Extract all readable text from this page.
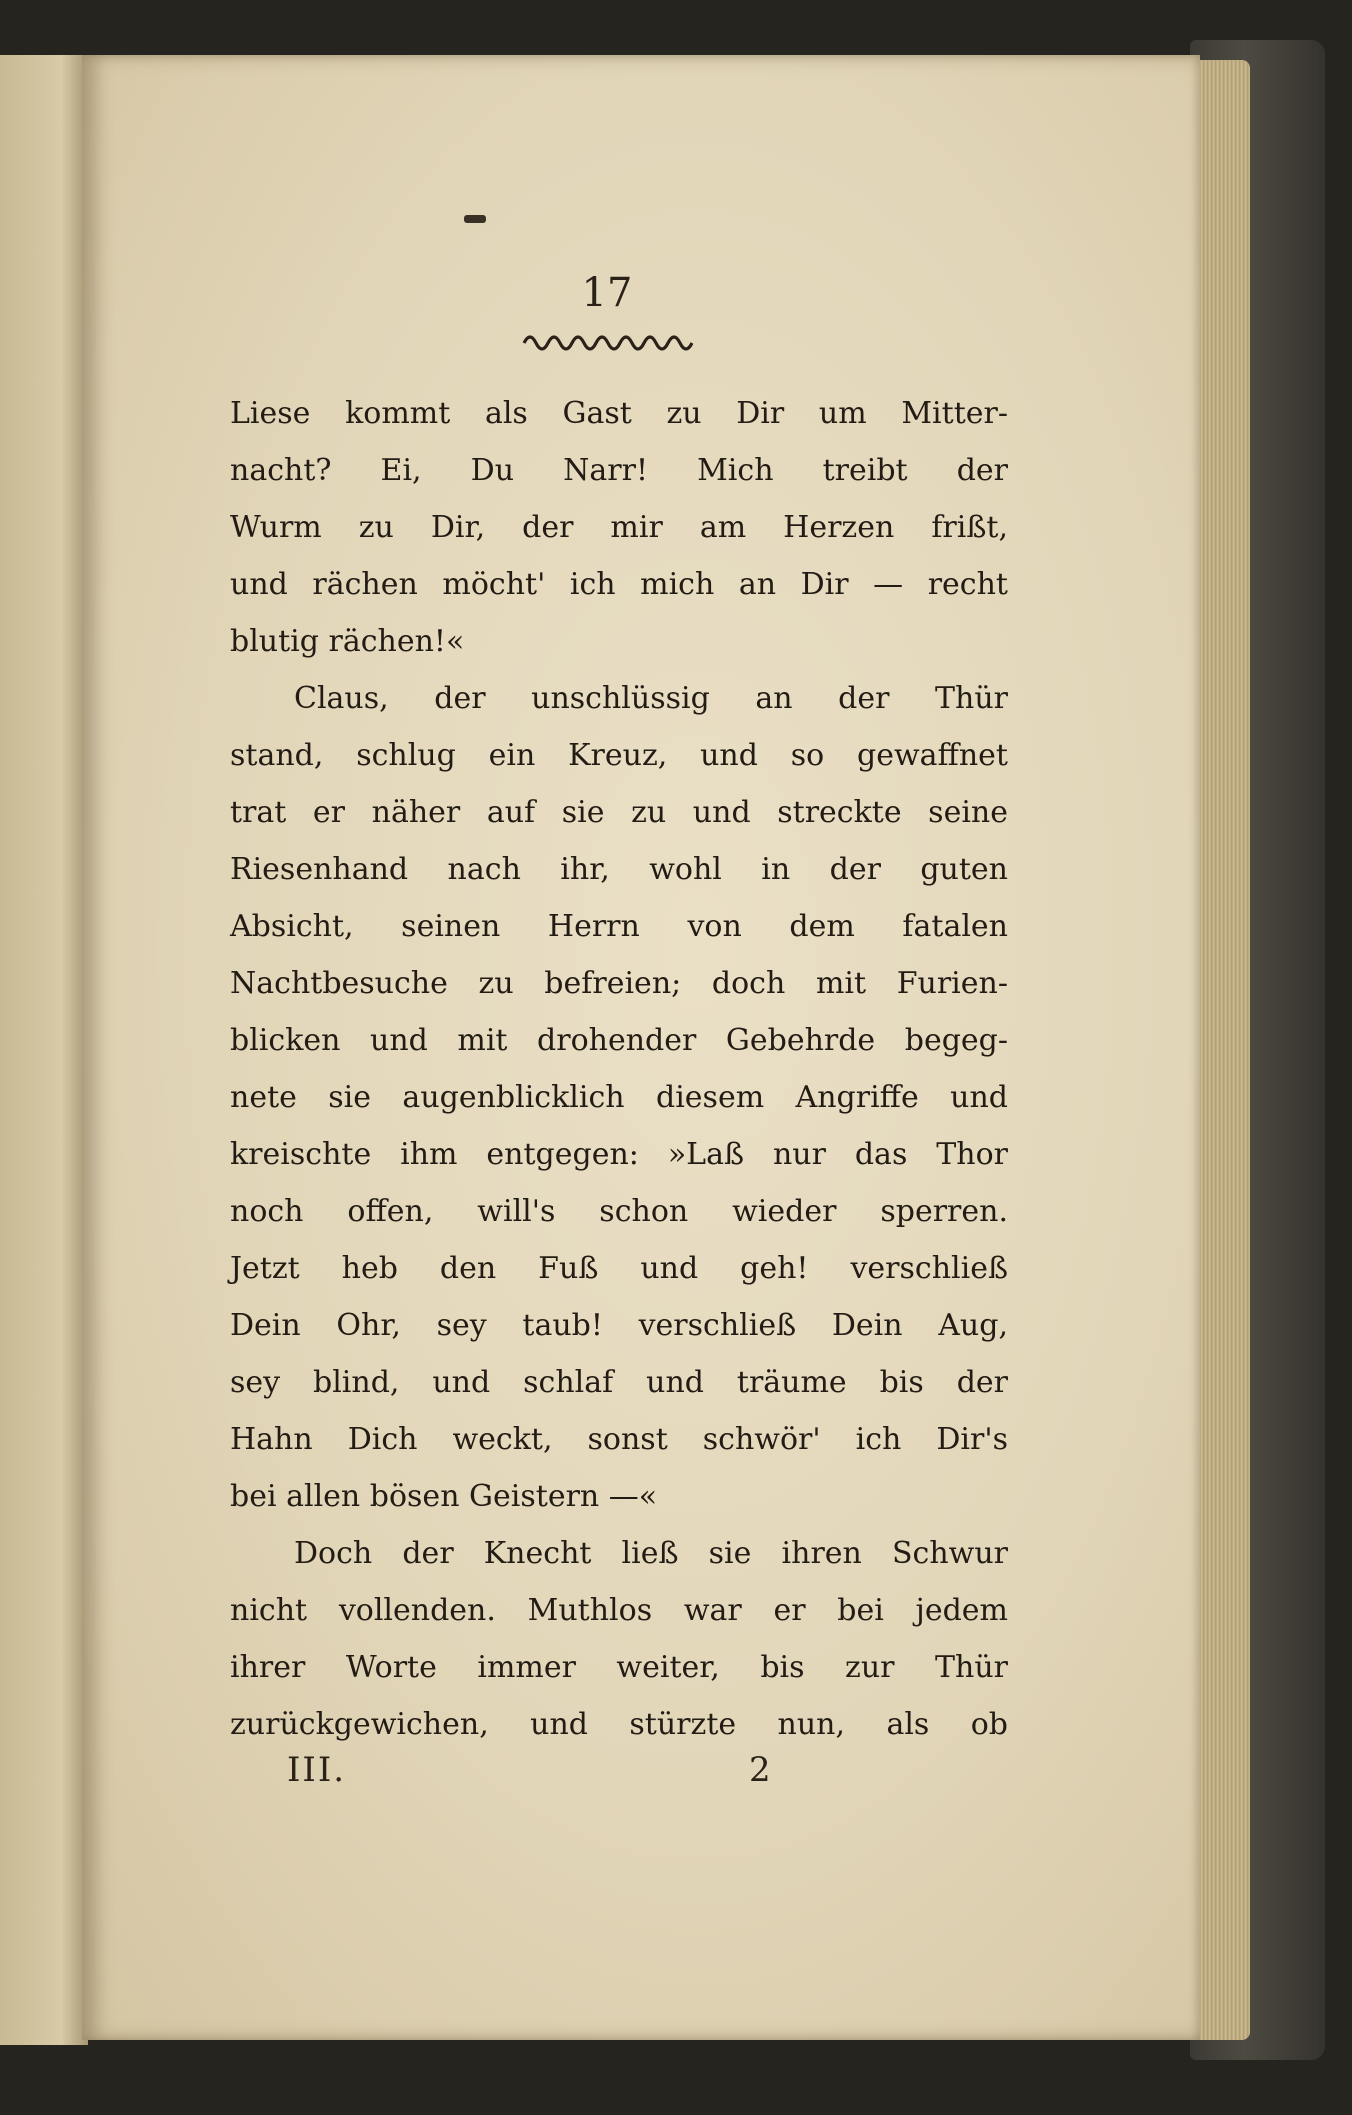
17
Liese kommt als Gast zu Dir um Mitter-
nacht? Ei, Du Narr! Mich treibt der
Wurm zu Dir, der mir am Herzen frißt,
und rächen möcht' ich mich an Dir — recht
blutig rächen!«
Claus, der unschlüssig an der Thür
stand, schlug ein Kreuz, und so gewaffnet
trat er näher auf sie zu und streckte seine
Riesenhand nach ihr, wohl in der guten
Absicht, seinen Herrn von dem fatalen
Nachtbesuche zu befreien; doch mit Furien-
blicken und mit drohender Gebehrde begeg-
nete sie augenblicklich diesem Angriffe und
kreischte ihm entgegen: »Laß nur das Thor
noch offen, will's schon wieder sperren.
Jetzt heb den Fuß und geh! verschließ
Dein Ohr, sey taub! verschließ Dein Aug,
sey blind, und schlaf und träume bis der
Hahn Dich weckt, sonst schwör' ich Dir's
bei allen bösen Geistern —«
Doch der Knecht ließ sie ihren Schwur
nicht vollenden. Muthlos war er bei jedem
ihrer Worte immer weiter, bis zur Thür
zurückgewichen, und stürzte nun, als ob
III.	2
